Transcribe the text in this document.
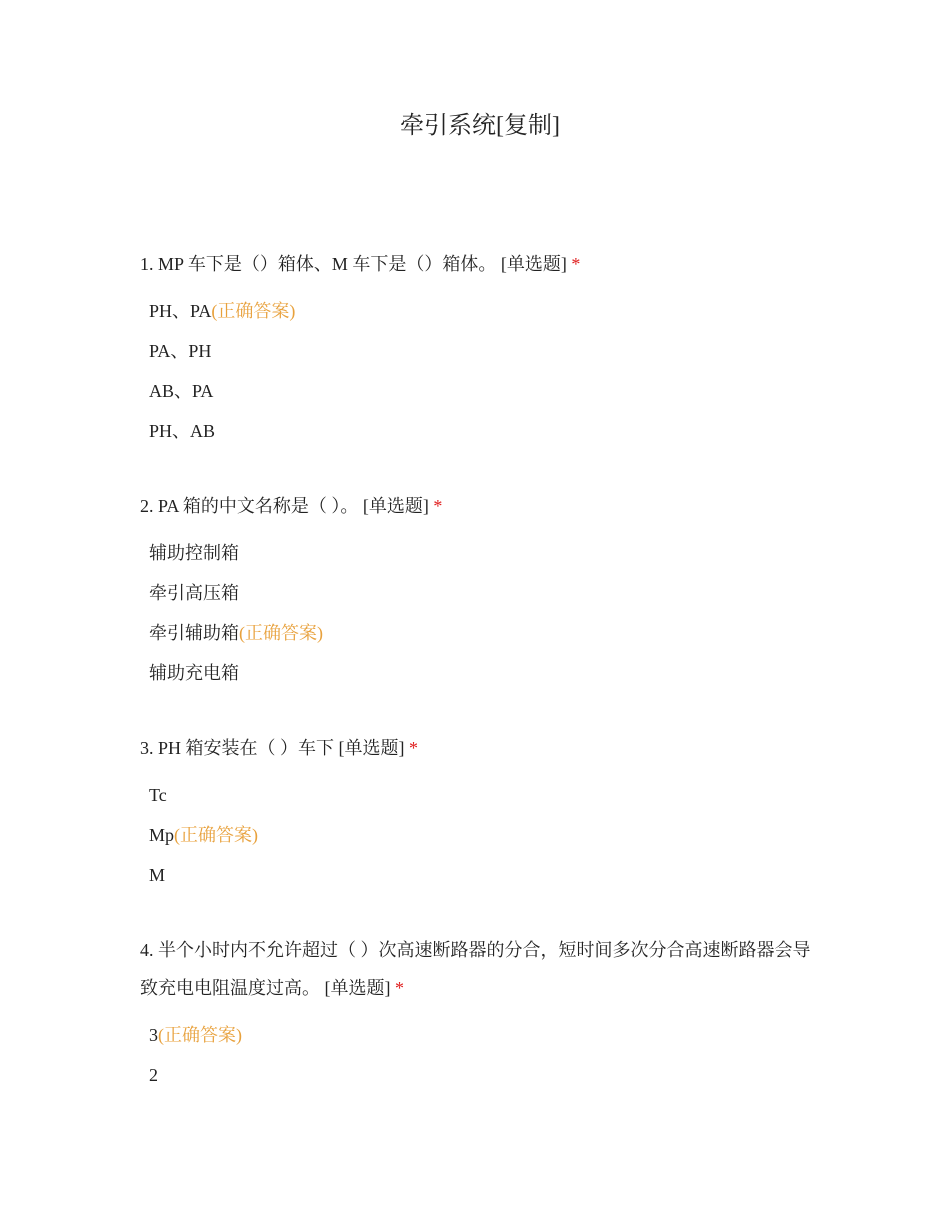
牵引系统[复制]

1. MP 车下是（）箱体、M 车下是（）箱体。 [单选题] *

PH、PA(正确答案)
PA、PH
AB、PA
PH、AB

2. PA 箱的中文名称是（ ）。 [单选题] *

辅助控制箱
牵引高压箱
牵引辅助箱(正确答案)
辅助充电箱

3. PH 箱安装在（ ）车下 [单选题] *

Tc
Mp(正确答案)
M

4. 半个小时内不允许超过（ ）次高速断路器的分合，短时间多次分合高速断路器会导致充电电阻温度过高。 [单选题] *

3(正确答案)
2
